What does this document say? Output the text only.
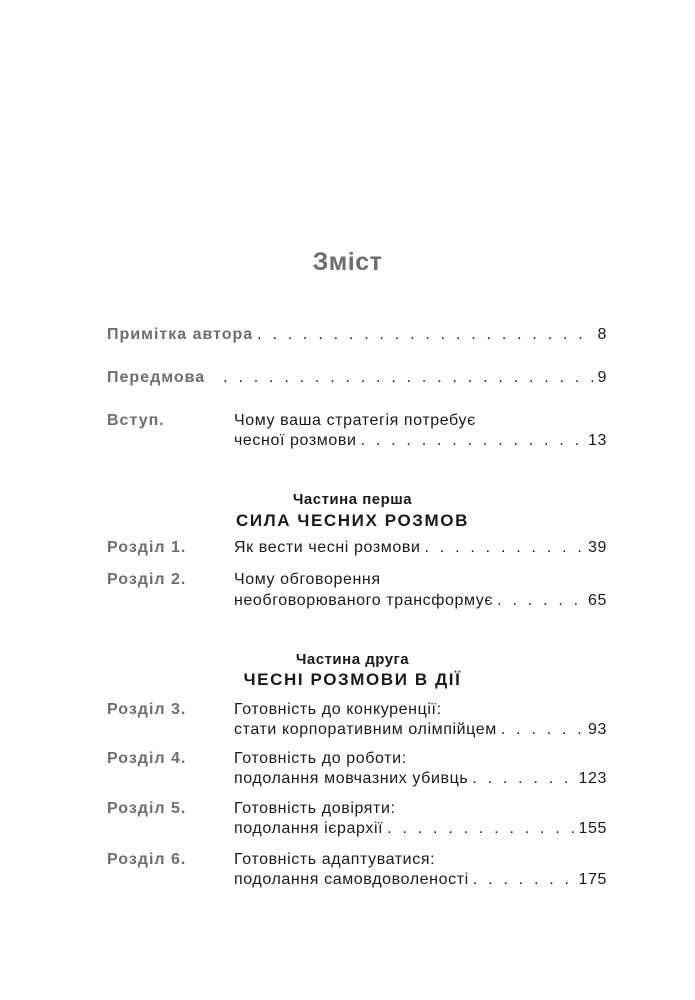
Зміст
Примітка автора . . .	8
Передмова . . .	9
Вступ.	Чому ваша стратегія потребує
чесної розмови . . .	13
Частина перша
СИЛА ЧЕСНИХ РОЗМОВ
Розділ 1.	Як вести чесні розмови . . .	39
Розділ 2.	Чому обговорення
необговорюваного трансформує . . .	65
Частина друга
ЧЕСНІ РОЗМОВИ В ДІЇ
Розділ 3.	Готовність до конкуренції:
стати корпоративним олімпійцем . . .	93
Розділ 4.	Готовність до роботи:
подолання мовчазних убивць . . .	123
Розділ 5.	Готовність довіряти:
подолання ієрархії . . .	155
Розділ 6.	Готовність адаптуватися:
подолання самовдоволеності . . .	175
